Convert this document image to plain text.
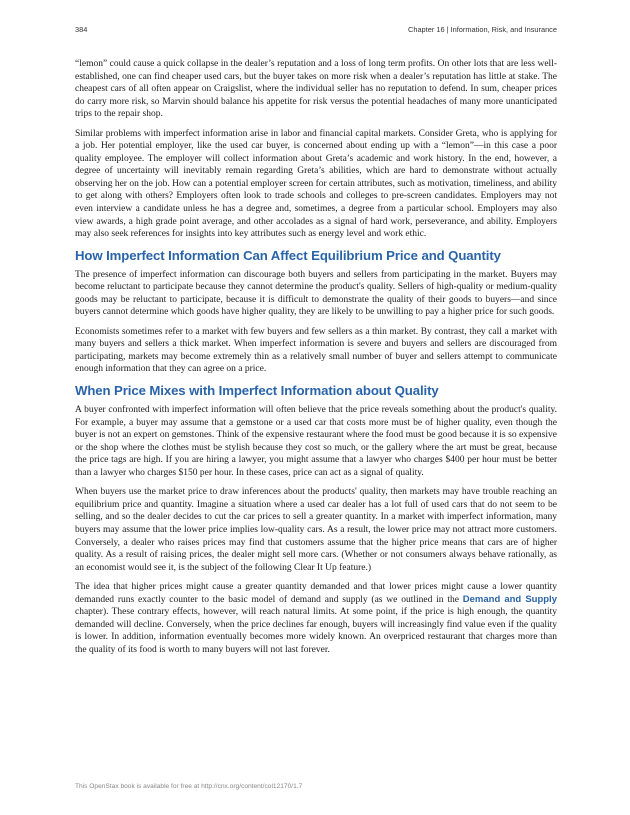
384	Chapter 16 | Information, Risk, and Insurance

“lemon” could cause a quick collapse in the dealer’s reputation and a loss of long term profits. On other lots that are less well-established, one can find cheaper used cars, but the buyer takes on more risk when a dealer’s reputation has little at stake. The cheapest cars of all often appear on Craigslist, where the individual seller has no reputation to defend. In sum, cheaper prices do carry more risk, so Marvin should balance his appetite for risk versus the potential headaches of many more unanticipated trips to the repair shop.

Similar problems with imperfect information arise in labor and financial capital markets. Consider Greta, who is applying for a job. Her potential employer, like the used car buyer, is concerned about ending up with a “lemon”—in this case a poor quality employee. The employer will collect information about Greta’s academic and work history. In the end, however, a degree of uncertainty will inevitably remain regarding Greta’s abilities, which are hard to demonstrate without actually observing her on the job. How can a potential employer screen for certain attributes, such as motivation, timeliness, and ability to get along with others? Employers often look to trade schools and colleges to pre-screen candidates. Employers may not even interview a candidate unless he has a degree and, sometimes, a degree from a particular school. Employers may also view awards, a high grade point average, and other accolades as a signal of hard work, perseverance, and ability. Employers may also seek references for insights into key attributes such as energy level and work ethic.

How Imperfect Information Can Affect Equilibrium Price and Quantity

The presence of imperfect information can discourage both buyers and sellers from participating in the market. Buyers may become reluctant to participate because they cannot determine the product's quality. Sellers of high-quality or medium-quality goods may be reluctant to participate, because it is difficult to demonstrate the quality of their goods to buyers—and since buyers cannot determine which goods have higher quality, they are likely to be unwilling to pay a higher price for such goods.

Economists sometimes refer to a market with few buyers and few sellers as a thin market. By contrast, they call a market with many buyers and sellers a thick market. When imperfect information is severe and buyers and sellers are discouraged from participating, markets may become extremely thin as a relatively small number of buyer and sellers attempt to communicate enough information that they can agree on a price.

When Price Mixes with Imperfect Information about Quality

A buyer confronted with imperfect information will often believe that the price reveals something about the product's quality. For example, a buyer may assume that a gemstone or a used car that costs more must be of higher quality, even though the buyer is not an expert on gemstones. Think of the expensive restaurant where the food must be good because it is so expensive or the shop where the clothes must be stylish because they cost so much, or the gallery where the art must be great, because the price tags are high. If you are hiring a lawyer, you might assume that a lawyer who charges $400 per hour must be better than a lawyer who charges $150 per hour. In these cases, price can act as a signal of quality.

When buyers use the market price to draw inferences about the products' quality, then markets may have trouble reaching an equilibrium price and quantity. Imagine a situation where a used car dealer has a lot full of used cars that do not seem to be selling, and so the dealer decides to cut the car prices to sell a greater quantity. In a market with imperfect information, many buyers may assume that the lower price implies low-quality cars. As a result, the lower price may not attract more customers. Conversely, a dealer who raises prices may find that customers assume that the higher price means that cars are of higher quality. As a result of raising prices, the dealer might sell more cars. (Whether or not consumers always behave rationally, as an economist would see it, is the subject of the following Clear It Up feature.)

The idea that higher prices might cause a greater quantity demanded and that lower prices might cause a lower quantity demanded runs exactly counter to the basic model of demand and supply (as we outlined in the Demand and Supply chapter). These contrary effects, however, will reach natural limits. At some point, if the price is high enough, the quantity demanded will decline. Conversely, when the price declines far enough, buyers will increasingly find value even if the quality is lower. In addition, information eventually becomes more widely known. An overpriced restaurant that charges more than the quality of its food is worth to many buyers will not last forever.

This OpenStax book is available for free at http://cnx.org/content/col12170/1.7
